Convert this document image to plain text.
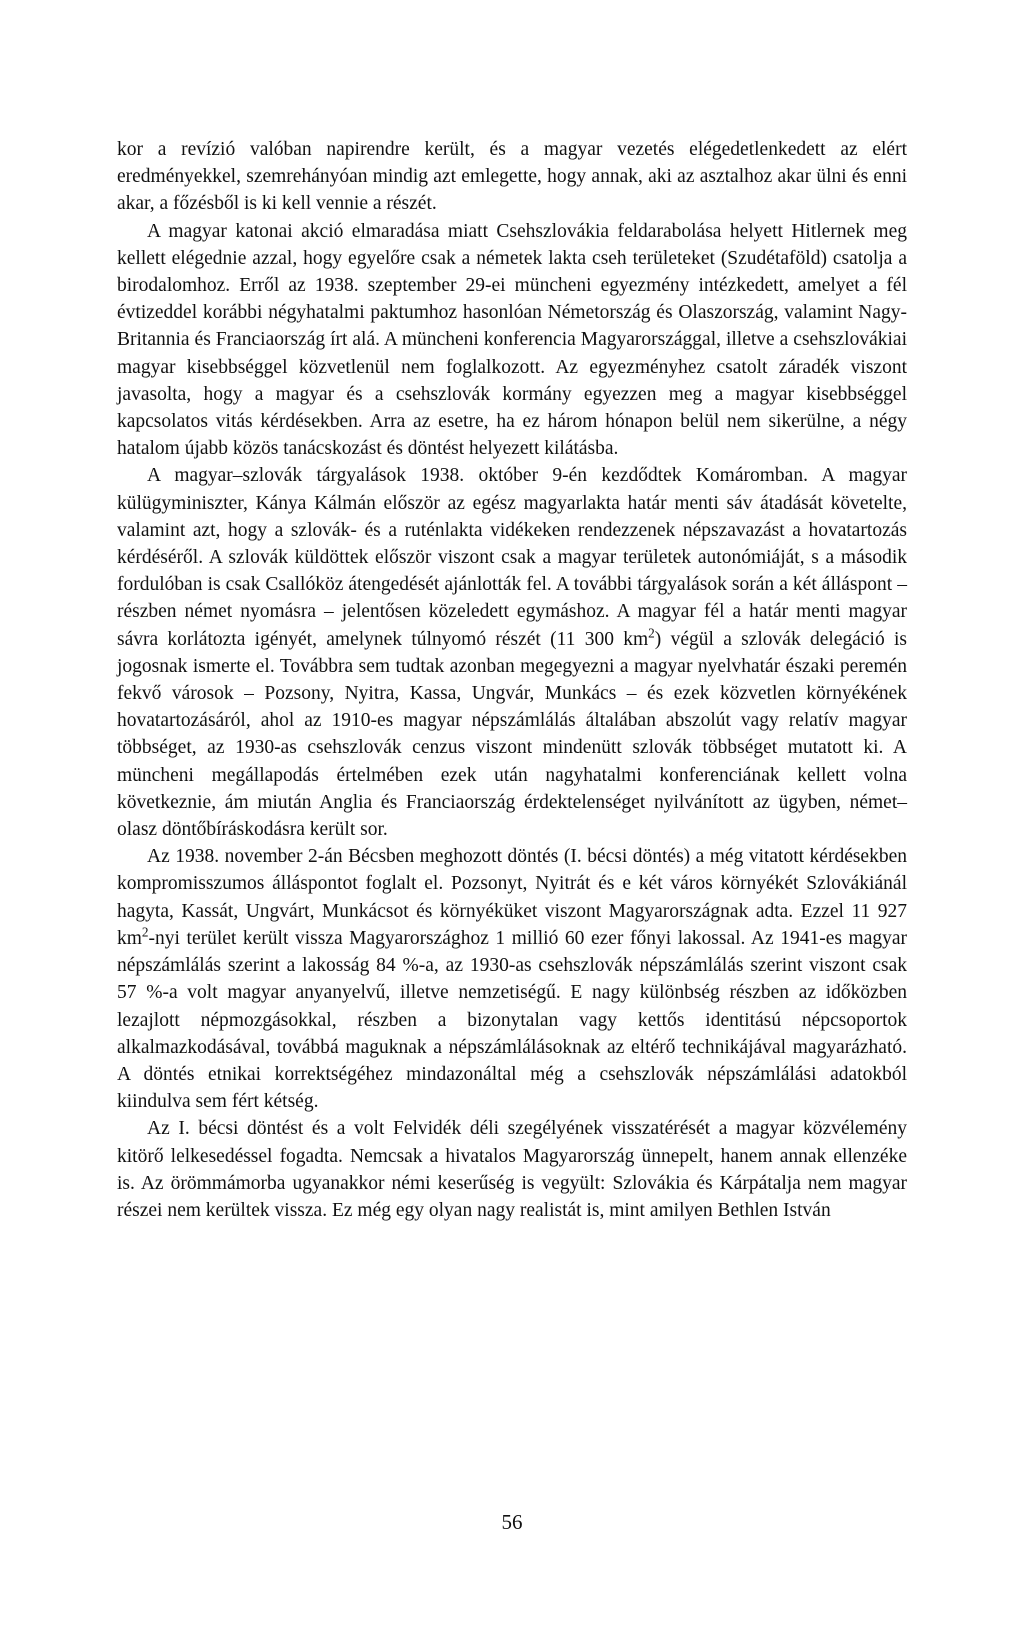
kor a revízió valóban napirendre került, és a magyar vezetés elégedetlenkedett az elért eredményekkel, szemrehányóan mindig azt emlegette, hogy annak, aki az asztalhoz akar ülni és enni akar, a főzésből is ki kell vennie a részét.

A magyar katonai akció elmaradása miatt Csehszlovákia feldarabolása helyett Hitlernek meg kellett elégednie azzal, hogy egyelőre csak a németek lakta cseh területeket (Szudétaföld) csatolja a birodalomhoz. Erről az 1938. szeptember 29-ei müncheni egyezmény intézkedett, amelyet a fél évtizeddel korábbi négyhatalmi paktumhoz hasonlóan Németország és Olaszország, valamint Nagy-Britannia és Franciaország írt alá. A müncheni konferencia Magyarországgal, illetve a csehszlovákiai magyar kisebbséggel közvetlenül nem foglalkozott. Az egyezményhez csatolt záradék viszont javasolta, hogy a magyar és a csehszlovák kormány egyezzen meg a magyar kisebbséggel kapcsolatos vitás kérdésekben. Arra az esetre, ha ez három hónapon belül nem sikerülne, a négy hatalom újabb közös tanácskozást és döntést helyezett kilátásba.

A magyar–szlovák tárgyalások 1938. október 9-én kezdődtek Komáromban. A magyar külügyminiszter, Kánya Kálmán először az egész magyarlakta határ menti sáv átadását követelte, valamint azt, hogy a szlovák- és a ruténlakta vidékeken rendezzenek népszavazást a hovatartozás kérdéséről. A szlovák küldöttek először viszont csak a magyar területek autonómiáját, s a második fordulóban is csak Csallóköz átengedését ajánlották fel. A további tárgyalások során a két álláspont – részben német nyomásra – jelentősen közeledett egymáshoz. A magyar fél a határ menti magyar sávra korlátozta igényét, amelynek túlnyomó részét (11 300 $km^2$) végül a szlovák delegáció is jogosnak ismerte el. Továbbra sem tudtak azonban megegyezni a magyar nyelvhatár északi peremén fekvő városok – Pozsony, Nyitra, Kassa, Ungvár, Munkács – és ezek közvetlen környékének hovatartozásáról, ahol az 1910-es magyar népszámlálás általában abszolút vagy relatív magyar többséget, az 1930-as csehszlovák cenzus viszont mindenütt szlovák többséget mutatott ki. A müncheni megállapodás értelmében ezek után nagyhatalmi konferenciának kellett volna következnie, ám miután Anglia és Franciaország érdektelenséget nyilvánított az ügyben, német–olasz döntőbíráskodásra került sor.

Az 1938. november 2-án Bécsben meghozott döntés (I. bécsi döntés) a még vitatott kérdésekben kompromisszumos álláspontot foglalt el. Pozsonyt, Nyitrát és e két város környékét Szlovákiánál hagyta, Kassát, Ungvárt, Munkácsot és környéküket viszont Magyarországnak adta. Ezzel 11 927 $km^2$-nyi terület került vissza Magyarországhoz 1 millió 60 ezer főnyi lakossal. Az 1941-es magyar népszámlálás szerint a lakosság 84 %-a, az 1930-as csehszlovák népszámlálás szerint viszont csak 57 %-a volt magyar anyanyelvű, illetve nemzetiségű. E nagy különbség részben az időközben lezajlott népmozgásokkal, részben a bizonytalan vagy kettős identitású népcsoportok alkalmazkodásával, továbbá maguknak a népszámlálásoknak az eltérő technikájával magyarázható. A döntés etnikai korrektségéhez mindazonáltal még a csehszlovák népszámlálási adatokból kiindulva sem fért kétség.

Az I. bécsi döntést és a volt Felvidék déli szegélyének visszatérését a magyar közvélemény kitörő lelkesedéssel fogadta. Nemcsak a hivatalos Magyarország ünnepelt, hanem annak ellenzéke is. Az örömmámorba ugyanakkor némi keserűség is vegyült: Szlovákia és Kárpátalja nem magyar részei nem kerültek vissza. Ez még egy olyan nagy realistát is, mint amilyen Bethlen István

56
